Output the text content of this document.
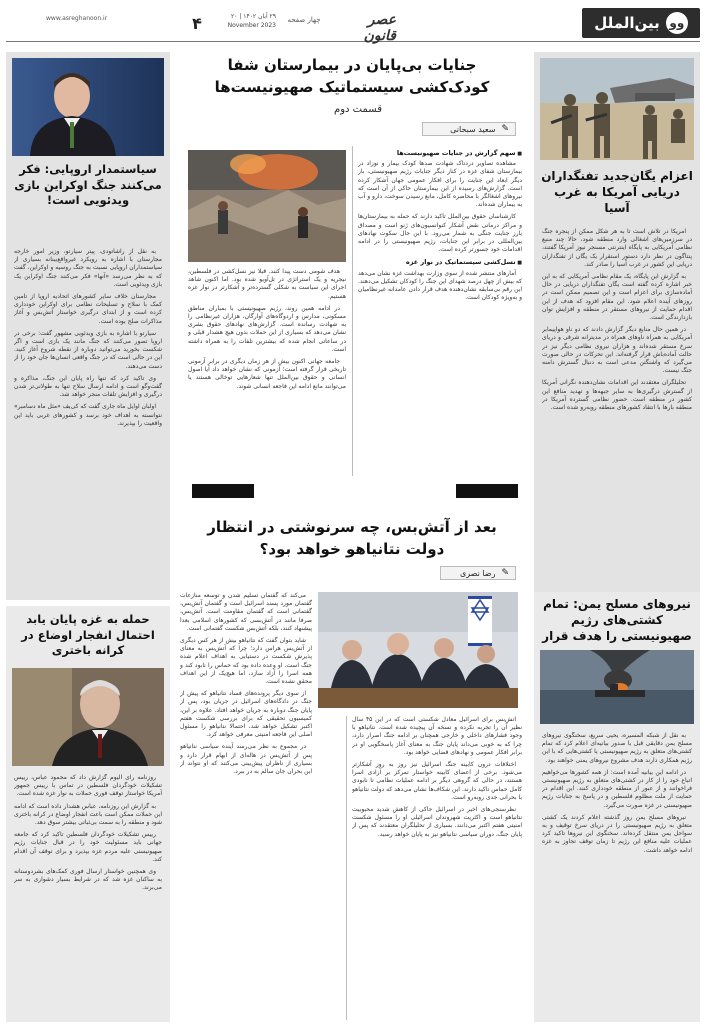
وو
بین‌الملل
عصر قانون
چهار صفحه
۲۹ آبان ۱۴۰۲ | ۲۰ November 2023
۴
www.asreghanoon.ir
اعزام یگان‌جدید تفنگداران دریایی آمریکا به غرب آسیا

آمریکا در تلاش است تا به هر شکل ممکن از پنجره جنگ در سرزمین‌های اشغالی وارد منطقه شود، حالا چند منبع نظامی آمریکایی به پایگاه اینترنتی مسنجر نیوز آمریکا گفتند، پنتاگون در نظر دارد دستور استقرار یک یگان از تفنگداران دریایی این کشور در غرب آسیا را صادر کند.

به گزارش این پایگاه، یک مقام نظامی آمریکایی که به این خبر اشاره کرده گفته است یگان تفنگداران دریایی در حال آماده‌سازی برای اعزام است و این تصمیم ممکن است در روزهای آینده اعلام شود. این مقام افزود که هدف از این اقدام حمایت از نیروهای مستقر در منطقه و افزایش توان بازدارندگی است.

در همین حال منابع دیگر گزارش دادند که دو ناو هواپیمابر آمریکایی به همراه ناوهای همراه در مدیترانه شرقی و دریای سرخ مستقر شده‌اند و هزاران نیروی نظامی دیگر نیز در حالت آماده‌باش قرار گرفته‌اند. این تحرکات در حالی صورت می‌گیرد که واشنگتن مدعی است به دنبال گسترش دامنه جنگ نیست.

تحلیلگران معتقدند این اقدامات نشان‌دهنده نگرانی آمریکا از گسترش درگیری‌ها به سایر جبهه‌ها و تهدید منافع این کشور در منطقه است. حضور نظامی گسترده آمریکا در منطقه بارها با انتقاد کشورهای منطقه روبه‌رو شده است.

سیاستمدار اروپایی: فکر می‌کنند جنگ اوکراین بازی ویدئویی است!

به نقل از راشاتودی، پیتر سیارتو، وزیر امور خارجه مجارستان با اشاره به رویکرد غیرواقع‌بینانه بسیاری از سیاستمداران اروپایی نسبت به جنگ روسیه و اوکراین، گفت که به نظر می‌رسد «آنها» فکر می‌کنند جنگ اوکراین یک بازی ویدئویی است.

مجارستان خلاف سایر کشورهای اتحادیه اروپا از تامین کمک با سلاح و تسلیحات نظامی برای اوکراین خودداری کرده است و از ابتدای درگیری خواستار آتش‌بس و آغاز مذاکرات صلح بوده است.

سیارتو با اشاره به بازی ویدئویی مشهور گفت: برخی در اروپا تصور می‌کنند که جنگ مانند یک بازی است و اگر شکست بخورید می‌توانید دوباره از نقطه شروع آغاز کنید. این در حالی است که در جنگ واقعی انسان‌ها جان خود را از دست می‌دهند.

وی تاکید کرد که تنها راه پایان این جنگ، مذاکره و گفت‌وگو است و ادامه ارسال سلاح تنها به طولانی‌تر شدن درگیری و افزایش تلفات منجر خواهد شد.

اولبان اوایل ماه جاری گفت که کی‌یف «مثل ماه دسامبر» نتوانسته به اهداف خود برسد و کشورهای غربی باید این واقعیت را بپذیرند.

نیروهای مسلح یمن: تمام کشتی‌های رژیم صهیونیستی را هدف قرار

به نقل از شبکه المسیره، یحیی سریع، سخنگوی نیروهای مسلح یمن دقایقی قبل با صدور بیانیه‌ای اعلام کرد که تمام کشتی‌های متعلق به رژیم صهیونیستی یا کشتی‌هایی که با این رژیم همکاری دارند هدف مشروع نیروهای یمنی خواهند بود.

در ادامه این بیانیه آمده است: از همه کشورها می‌خواهیم اتباع خود را از کار در کشتی‌های متعلق به رژیم صهیونیستی فراخوانند و از عبور از منطقه خودداری کنند. این اقدام در حمایت از ملت مظلوم فلسطین و در پاسخ به جنایات رژیم صهیونیستی در غزه صورت می‌گیرد.

نیروهای مسلح یمن روز گذشته اعلام کردند یک کشتی متعلق به رژیم صهیونیستی را در دریای سرخ توقیف و به سواحل یمن منتقل کرده‌اند. سخنگوی این نیروها تاکید کرد عملیات علیه منافع این رژیم تا زمان توقف تجاوز به غزه ادامه خواهد داشت.

حمله به غزه پایان یابد احتمال انفجار اوضاع در کرانه باختری

روزنامه رای الیوم گزارش داد که محمود عباس، رییس تشکیلات خودگردان فلسطین در تماس با رییس جمهور آمریکا خواستار توقف فوری حملات به نوار غزه شده است.

به گزارش این روزنامه، عباس هشدار داده است که ادامه این حملات ممکن است باعث انفجار اوضاع در کرانه باختری شود و منطقه را به سمت بی‌ثباتی بیشتر سوق دهد.

رییس تشکیلات خودگردان فلسطین تاکید کرد که جامعه جهانی باید مسئولیت خود را در قبال جنایات رژیم صهیونیستی علیه مردم غزه بپذیرد و برای توقف آن اقدام کند.

وی همچنین خواستار ارسال فوری کمک‌های بشردوستانه به ساکنان غزه شد که در شرایط بسیار دشواری به سر می‌برند.

جنایات بی‌پایان در بیمارستان شفا
کودک‌کشی سیستماتیک صهیونیست‌ها
قسمت دوم
✎
سعید سبحانی
■ سهم گزارش در جنایات صهیونیست‌ها

مشاهده تصاویر دردناک شهادت صدها کودک بیمار و نوزاد در بیمارستان شفای غزه در کنار دیگر جنایات رژیم صهیونیستی، بار دیگر ابعاد این جنایت را برای افکار عمومی جهان آشکار کرده است. گزارش‌های رسیده از این بیمارستان حاکی از آن است که نیروهای اشغالگر با محاصره کامل، مانع رسیدن سوخت، دارو و آب به بیماران شده‌اند.

کارشناسان حقوق بین‌الملل تاکید دارند که حمله به بیمارستان‌ها و مراکز درمانی نقض آشکار کنوانسیون‌های ژنو است و مصداق بارز جنایت جنگی به شمار می‌رود. با این حال سکوت نهادهای بین‌المللی در برابر این جنایات، رژیم صهیونیستی را در ادامه اقدامات خود جسورتر کرده است.

■ نسل‌کشی سیستماتیک در نوار غزه

آمارهای منتشر شده از سوی وزارت بهداشت غزه نشان می‌دهد که بیش از چهل درصد شهدای این جنگ را کودکان تشکیل می‌دهند. این رقم بی‌سابقه نشان‌دهنده هدف قرار دادن عامدانه غیرنظامیان و به‌ویژه کودکان است.

هدف شومی دست پیدا کنند. قبلا نیز نسل‌کشی در فلسطین، نیجریه و یک استراتژی در تل‌آویو شده بود. اما اکنون شاهد اجرای این سیاست به شکلی گسترده‌تر و آشکارتر در نوار غزه هستیم.

در ادامه همین روند، رژیم صهیونیستی با بمباران مناطق مسکونی، مدارس و اردوگاه‌های آوارگان، هزاران غیرنظامی را به شهادت رسانده است. گزارش‌های نهادهای حقوق بشری نشان می‌دهد که بسیاری از این حملات بدون هیچ هشدار قبلی و در ساعاتی انجام شده که بیشترین تلفات را به همراه داشته است.

جامعه جهانی اکنون بیش از هر زمان دیگری در برابر آزمونی تاریخی قرار گرفته است؛ آزمونی که نشان خواهد داد آیا اصول انسانی و حقوق بین‌الملل تنها شعارهایی توخالی هستند یا می‌توانند مانع ادامه این فاجعه انسانی شوند.

بعد از آتش‌بس، چه سرنوشتی در انتظار
دولت نتانیاهو خواهد بود؟
✎
رضا نصری

آتش‌بس برای اسرائیل معادل شکستی است که در این ۴۵ سال نظیر آن را تجربه نکرده و نسخه آن پیچیده شده است. نتانیاهو با وجود فشارهای داخلی و خارجی همچنان بر ادامه جنگ اصرار دارد، چرا که به خوبی می‌داند پایان جنگ به معنای آغاز پاسخگویی او در برابر افکار عمومی و نهادهای قضایی خواهد بود.

اختلافات درون کابینه جنگ اسرائیل نیز روز به روز آشکارتر می‌شود. برخی از اعضای کابینه خواستار تمرکز بر آزادی اسرا هستند، در حالی که گروهی دیگر بر ادامه عملیات نظامی تا نابودی کامل حماس تاکید دارند. این شکاف‌ها نشان می‌دهد که دولت نتانیاهو با بحرانی جدی روبه‌رو است.

نظرسنجی‌های اخیر در اسرائیل حاکی از کاهش شدید محبوبیت نتانیاهو است و اکثریت شهروندان اسرائیلی او را مسئول شکست امنیتی هفتم اکتبر می‌دانند. بسیاری از تحلیلگران معتقدند که پس از پایان جنگ، دوران سیاسی نتانیاهو نیز به پایان خواهد رسید.

می‌کند که گفتمان تسلیم شدن و توسعه منازعات گفتمان مورد پسند اسرائیل است و گفتمان آتش‌بس، گفتمانی است که گفتمان مقاومت است. آتش‌بس، صرفا مانند در آتش‌بسی که کشورهای اسلامی بعدا پیشنهاد کنند، بلکه آتش‌بس شکست گفتمانی است.

شاید بتوان گفت که نتانیاهو بیش از هر کس دیگری از آتش‌بس هراس دارد؛ چرا که آتش‌بس به معنای پذیرش شکست در دستیابی به اهداف اعلام شده جنگ است. او وعده داده بود که حماس را نابود کند و همه اسرا را آزاد سازد، اما هیچ‌یک از این اهداف محقق نشده است.

از سوی دیگر پرونده‌های فساد نتانیاهو که پیش از جنگ در دادگاه‌های اسرائیل در جریان بود، پس از پایان جنگ دوباره به جریان خواهد افتاد. علاوه بر این، کمیسیون تحقیقی که برای بررسی شکست هفتم اکتبر تشکیل خواهد شد، احتمالا نتانیاهو را مسئول اصلی این فاجعه امنیتی معرفی خواهد کرد.

در مجموع به نظر می‌رسد آینده سیاسی نتانیاهو پس از آتش‌بس در هاله‌ای از ابهام قرار دارد و بسیاری از ناظران پیش‌بینی می‌کنند که او نتواند از این بحران جان سالم به در ببرد.
